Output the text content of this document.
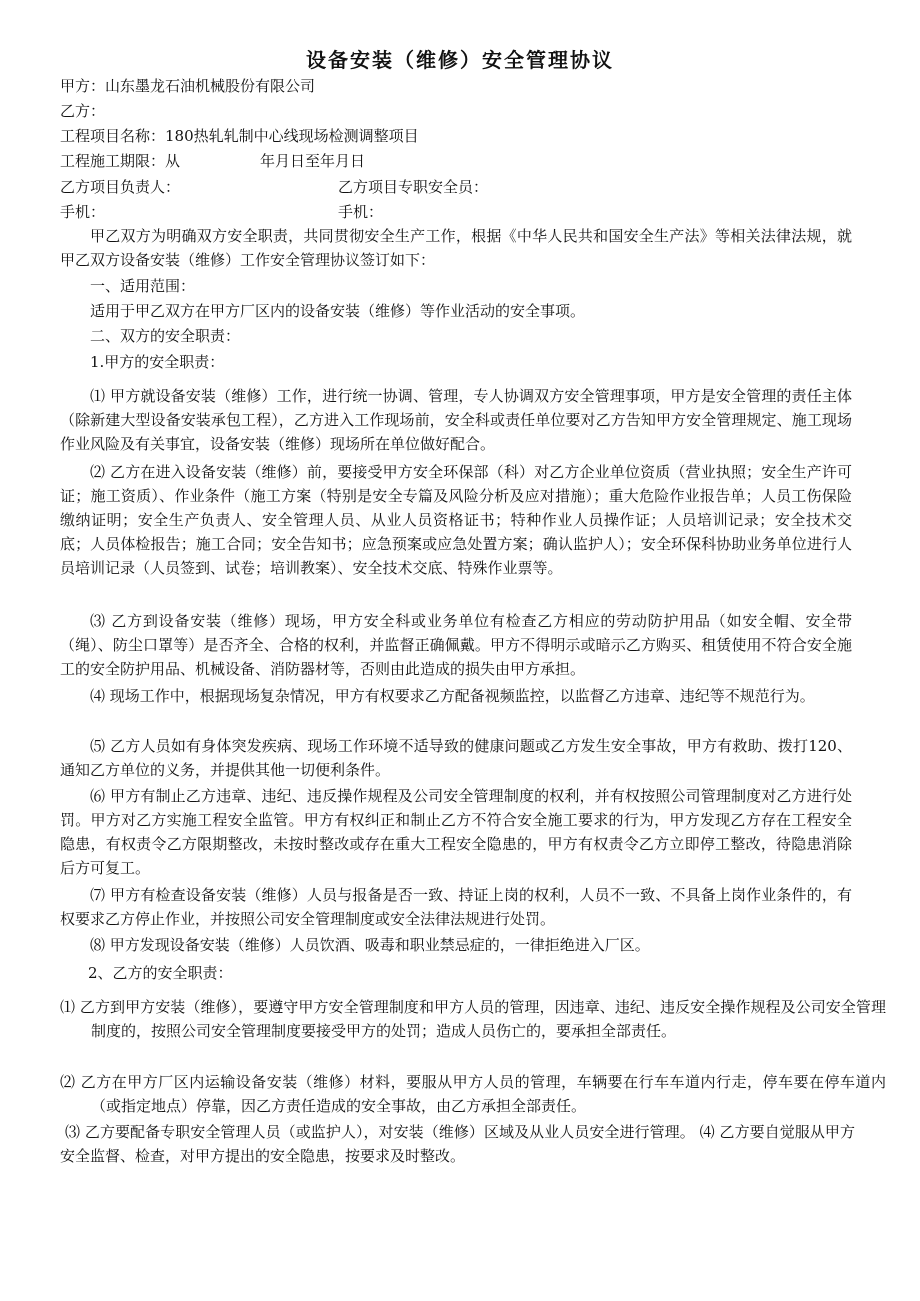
设备安装（维修）安全管理协议
甲方：山东墨龙石油机械股份有限公司
乙方：
工程项目名称：180热轧轧制中心线现场检测调整项目
工程施工期限：从	年月日至年月日
乙方项目负责人：	乙方项目专职安全员：
手机：	手机：
甲乙双方为明确双方安全职责，共同贯彻安全生产工作，根据《中华人民共和国安全生产法》等相关法律法规，就甲乙双方设备安装（维修）工作安全管理协议签订如下：
一、适用范围：
适用于甲乙双方在甲方厂区内的设备安装（维修）等作业活动的安全事项。
二、双方的安全职责：
1.甲方的安全职责：
⑴ 甲方就设备安装（维修）工作，进行统一协调、管理，专人协调双方安全管理事项，甲方是安全管理的责任主体（除新建大型设备安装承包工程），乙方进入工作现场前，安全科或责任单位要对乙方告知甲方安全管理规定、施工现场作业风险及有关事宜，设备安装（维修）现场所在单位做好配合。
⑵ 乙方在进入设备安装（维修）前，要接受甲方安全环保部（科）对乙方企业单位资质（营业执照；安全生产许可证；施工资质）、作业条件（施工方案（特别是安全专篇及风险分析及应对措施）；重大危险作业报告单；人员工伤保险缴纳证明；安全生产负责人、安全管理人员、从业人员资格证书；特种作业人员操作证；人员培训记录；安全技术交底；人员体检报告；施工合同；安全告知书；应急预案或应急处置方案；确认监护人）；安全环保科协助业务单位进行人员培训记录（人员签到、试卷；培训教案）、安全技术交底、特殊作业票等。
⑶ 乙方到设备安装（维修）现场，甲方安全科或业务单位有检查乙方相应的劳动防护用品（如安全帽、安全带（绳）、防尘口罩等）是否齐全、合格的权利，并监督正确佩戴。甲方不得明示或暗示乙方购买、租赁使用不符合安全施工的安全防护用品、机械设备、消防器材等，否则由此造成的损失由甲方承担。
⑷ 现场工作中，根据现场复杂情况，甲方有权要求乙方配备视频监控，以监督乙方违章、违纪等不规范行为。
⑸ 乙方人员如有身体突发疾病、现场工作环境不适导致的健康问题或乙方发生安全事故，甲方有救助、拨打120、通知乙方单位的义务，并提供其他一切便利条件。
⑹ 甲方有制止乙方违章、违纪、违反操作规程及公司安全管理制度的权利，并有权按照公司管理制度对乙方进行处罚。甲方对乙方实施工程安全监管。甲方有权纠正和制止乙方不符合安全施工要求的行为，甲方发现乙方存在工程安全隐患，有权责令乙方限期整改，未按时整改或存在重大工程安全隐患的，甲方有权责令乙方立即停工整改，待隐患消除后方可复工。
⑺ 甲方有检查设备安装（维修）人员与报备是否一致、持证上岗的权利，人员不一致、不具备上岗作业条件的，有权要求乙方停止作业，并按照公司安全管理制度或安全法律法规进行处罚。
⑻ 甲方发现设备安装（维修）人员饮酒、吸毒和职业禁忌症的，一律拒绝进入厂区。
2、乙方的安全职责：
⑴ 乙方到甲方安装（维修），要遵守甲方安全管理制度和甲方人员的管理，因违章、违纪、违反安全操作规程及公司安全管理制度的，按照公司安全管理制度要接受甲方的处罚；造成人员伤亡的，要承担全部责任。
⑵ 乙方在甲方厂区内运输设备安装（维修）材料，要服从甲方人员的管理，车辆要在行车车道内行走，停车要在停车道内（或指定地点）停靠，因乙方责任造成的安全事故，由乙方承担全部责任。
⑶ 乙方要配备专职安全管理人员（或监护人），对安装（维修）区域及从业人员安全进行管理。 ⑷ 乙方要自觉服从甲方安全监督、检查，对甲方提出的安全隐患，按要求及时整改。
